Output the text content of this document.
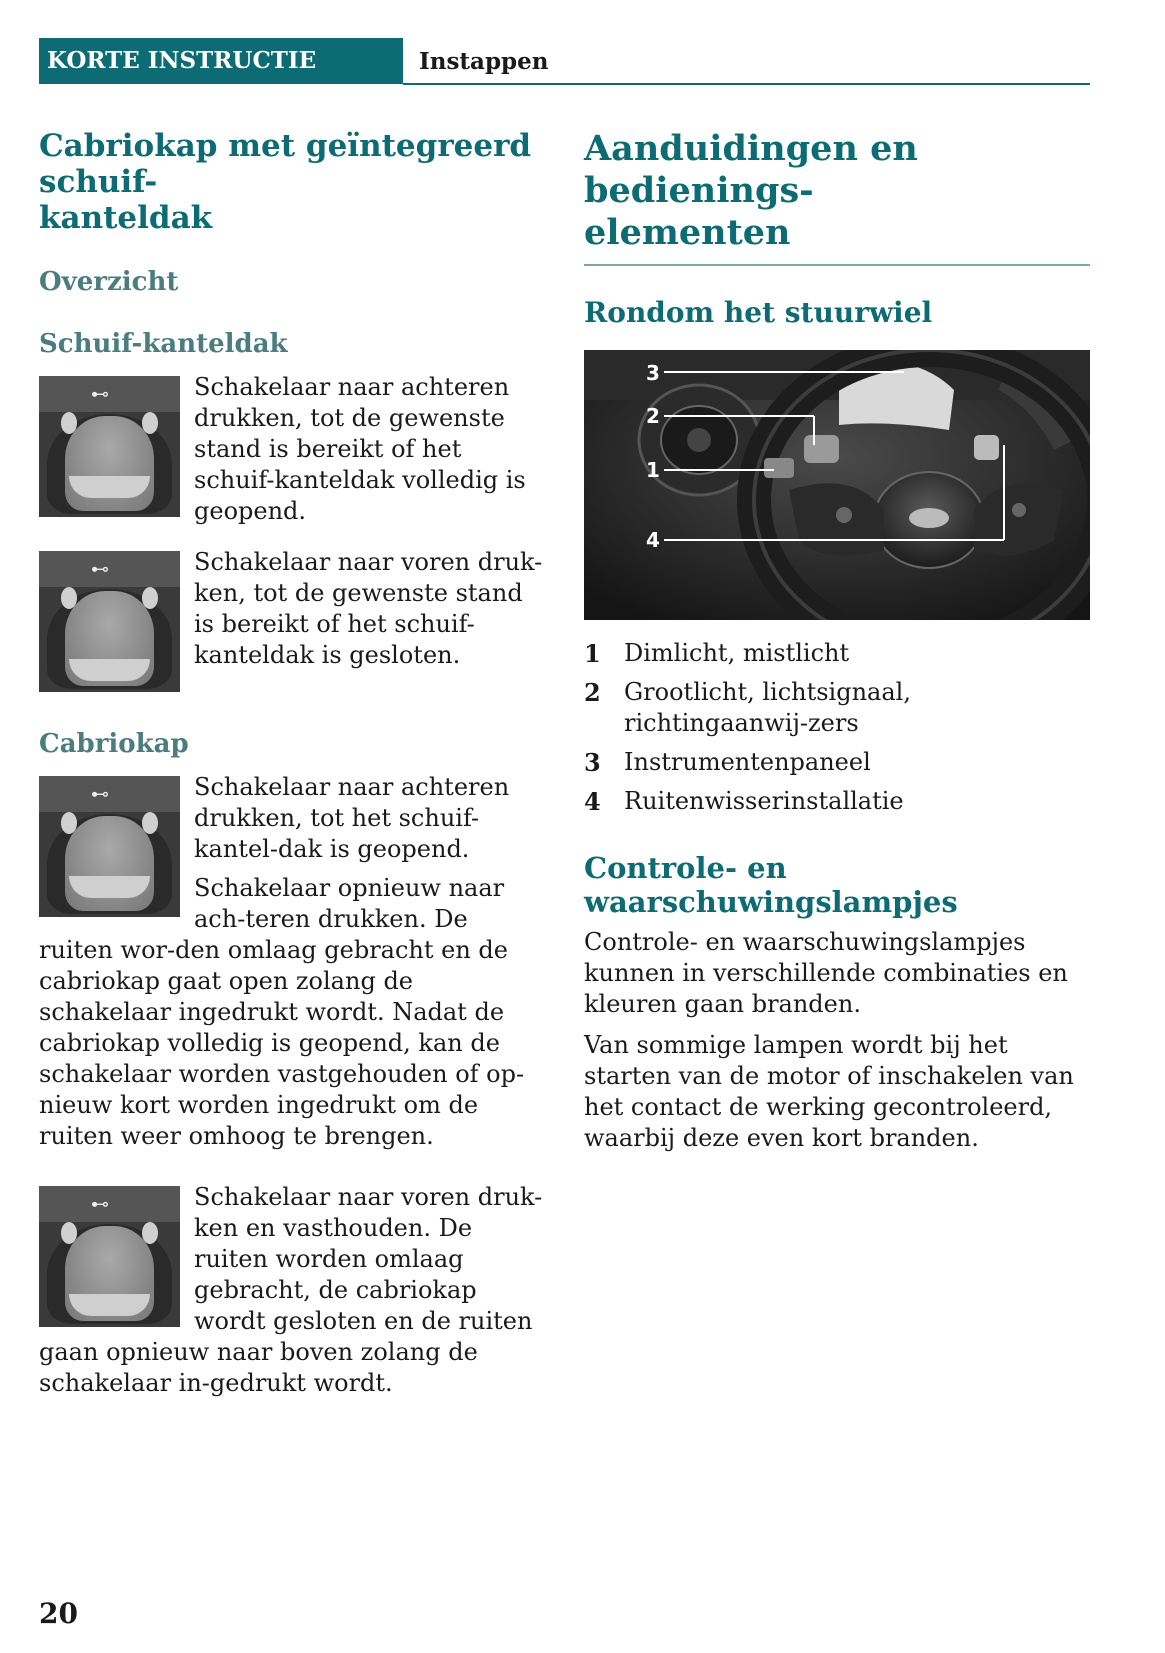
KORTE INSTRUCTIE	Instappen
Cabriokap met geïntegreerd schuif-
kanteldak
Overzicht
Schuif-kanteldak
⊷	Schakelaar naar achteren drukken, tot de gewenste stand is bereikt of het schuif-kanteldak volledig is geopend.

⊷	Schakelaar naar voren druk-ken, tot de gewenste stand is bereikt of het schuif-kanteldak is gesloten.

Cabriokap
⊷	Schakelaar naar achteren drukken, tot het schuif-kantel-dak is geopend.

Schakelaar opnieuw naar ach-teren drukken. De ruiten wor-den omlaag gebracht en de cabriokap gaat open zolang de schakelaar ingedrukt wordt. Nadat de cabriokap volledig is geopend, kan de schakelaar worden vastgehouden of op-nieuw kort worden ingedrukt om de ruiten weer omhoog te brengen.

⊷	Schakelaar naar voren druk-ken en vasthouden. De ruiten worden omlaag gebracht, de cabriokap wordt gesloten en de ruiten gaan opnieuw naar boven zolang de schakelaar in-gedrukt wordt.

Aanduidingen en bedienings-
elementen
Rondom het stuurwiel
3
2
1
4
1 Dimlicht, mistlicht
2 Grootlicht, lichtsignaal, richtingaanwij-zers
3 Instrumentenpaneel
4 Ruitenwisserinstallatie
Controle- en
waarschuwingslampjes

Controle- en waarschuwingslampjes kunnen in verschillende combinaties en kleuren gaan branden.

Van sommige lampen wordt bij het starten van de motor of inschakelen van het contact de werking gecontroleerd, waarbij deze even kort branden.

20
